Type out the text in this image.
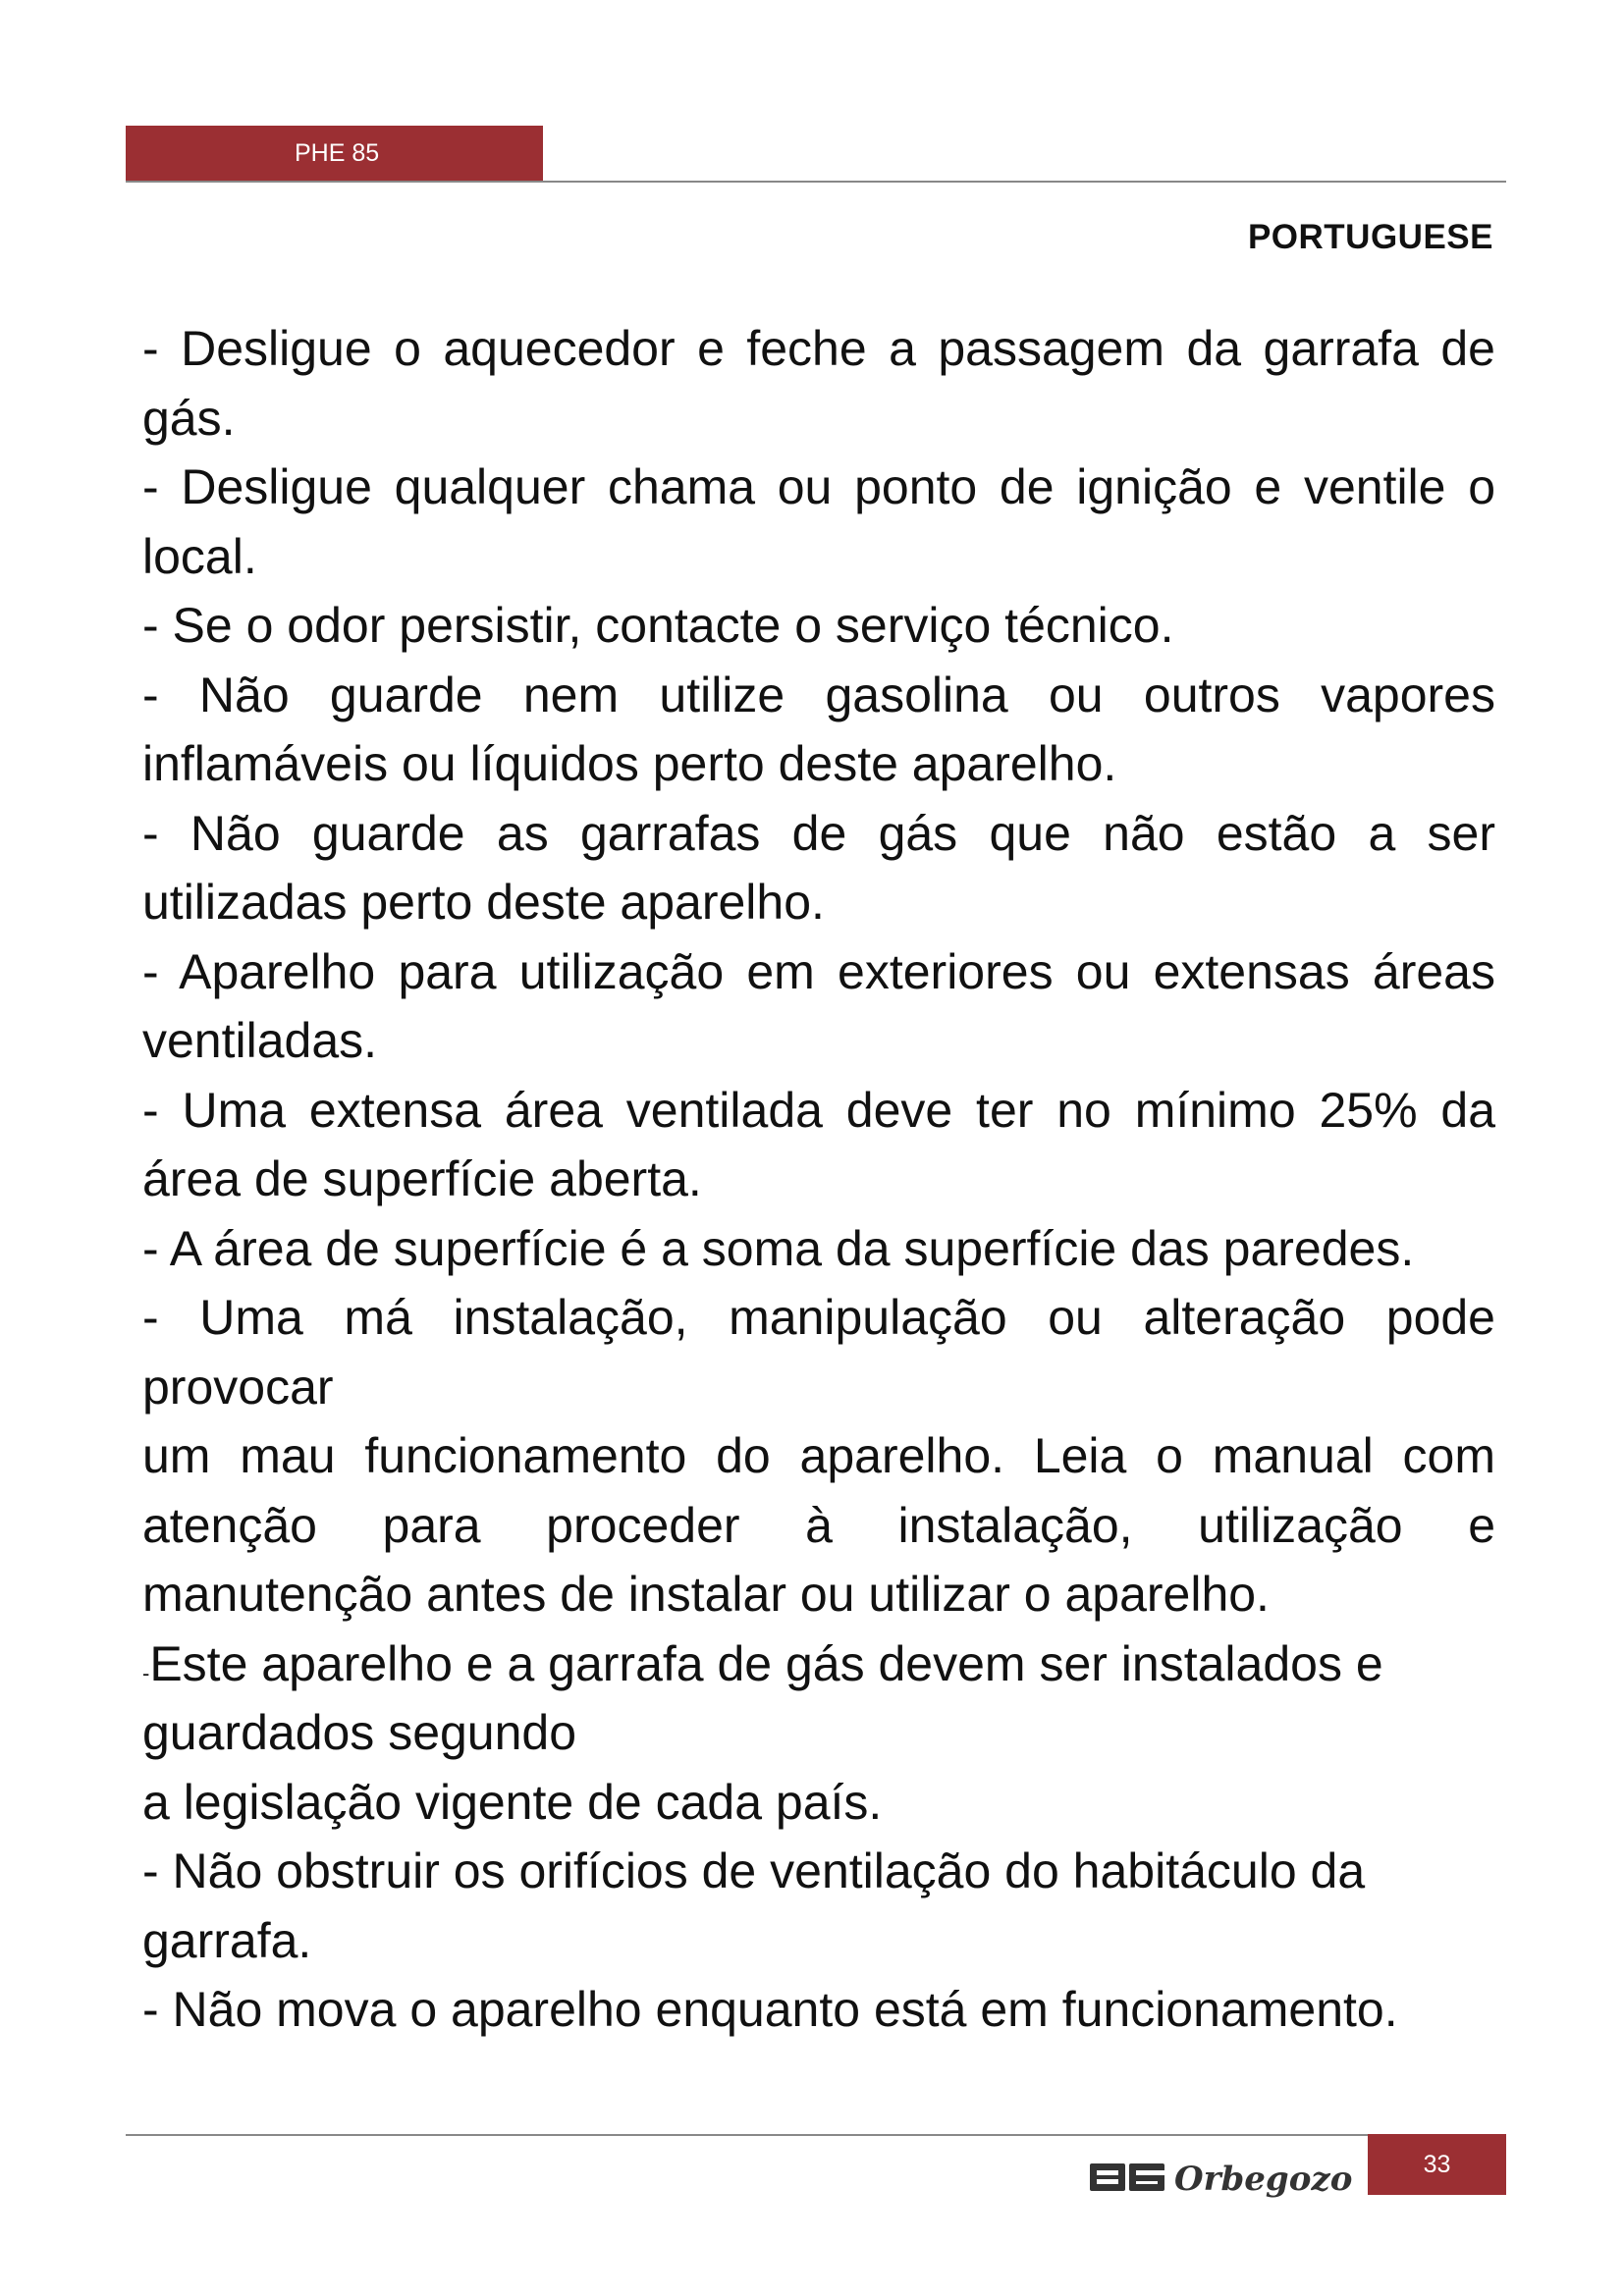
PHE 85
PORTUGUESE
- Desligue o aquecedor e feche a passagem da garrafa de
gás.
- Desligue qualquer chama ou ponto de ignição e ventile o
local.
- Se o odor persistir, contacte o serviço técnico.
- Não guarde nem utilize gasolina ou outros vapores
inflamáveis ou líquidos perto deste aparelho.
- Não guarde as garrafas de gás que não estão a ser
utilizadas perto deste aparelho.
- Aparelho para utilização em exteriores ou extensas áreas
ventiladas.
- Uma extensa área ventilada deve ter no mínimo 25% da
área de superfície aberta.
- A área de superfície é a soma da superfície das paredes.
- Uma má instalação, manipulação ou alteração pode
provocar
um mau funcionamento do aparelho. Leia o manual com
atenção para proceder à instalação, utilização e
manutenção antes de instalar ou utilizar o aparelho.
-Este aparelho e a garrafa de gás devem ser instalados e
guardados segundo
a legislação vigente de cada país.
- Não obstruir os orifícios de ventilação do habitáculo da
garrafa.
- Não mova o aparelho enquanto está em funcionamento.
Orbegozo	33
